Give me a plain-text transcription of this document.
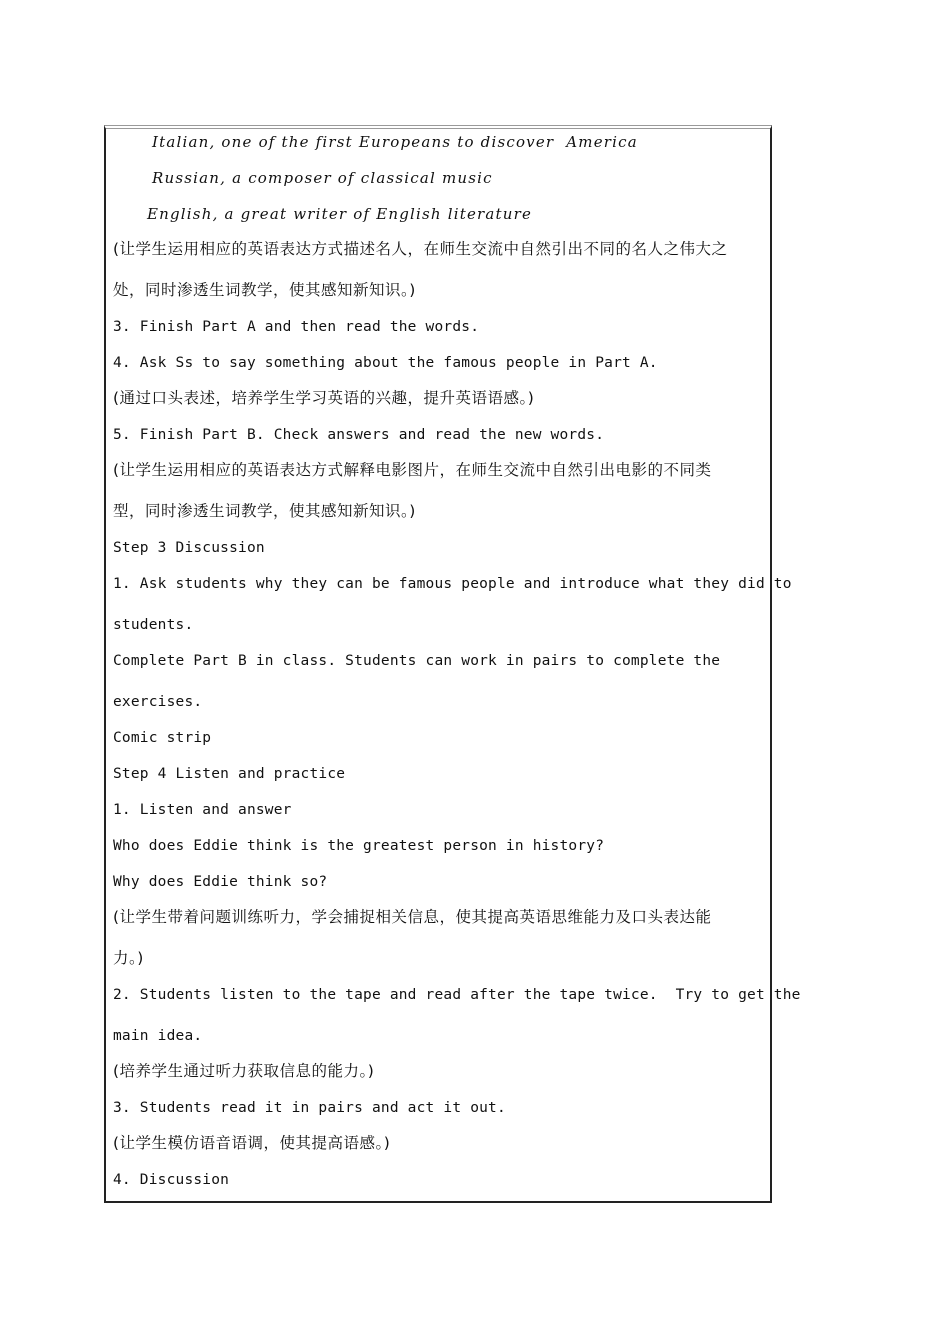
Italian, one of the first Europeans to discover  America
Russian, a composer of classical music
English, a great writer of English literature
(让学生运用相应的英语表达方式描述名人，在师生交流中自然引出不同的名人之伟大之
处，同时渗透生词教学，使其感知新知识。)
3. Finish Part A and then read the words.
4. Ask Ss to say something about the famous people in Part A.
(通过口头表述，培养学生学习英语的兴趣，提升英语语感。)
5. Finish Part B. Check answers and read the new words.
(让学生运用相应的英语表达方式解释电影图片，在师生交流中自然引出电影的不同类
型，同时渗透生词教学，使其感知新知识。)
Step 3 Discussion
1. Ask students why they can be famous people and introduce what they did to
students.
Complete Part B in class. Students can work in pairs to complete the
exercises.
Comic strip
Step 4 Listen and practice
1. Listen and answer
Who does Eddie think is the greatest person in history?
Why does Eddie think so?
(让学生带着问题训练听力，学会捕捉相关信息，使其提高英语思维能力及口头表达能
力。)
2. Students listen to the tape and read after the tape twice.  Try to get the
main idea.
(培养学生通过听力获取信息的能力。)
3. Students read it in pairs and act it out.
(让学生模仿语音语调，使其提高语感。)
4. Discussion
